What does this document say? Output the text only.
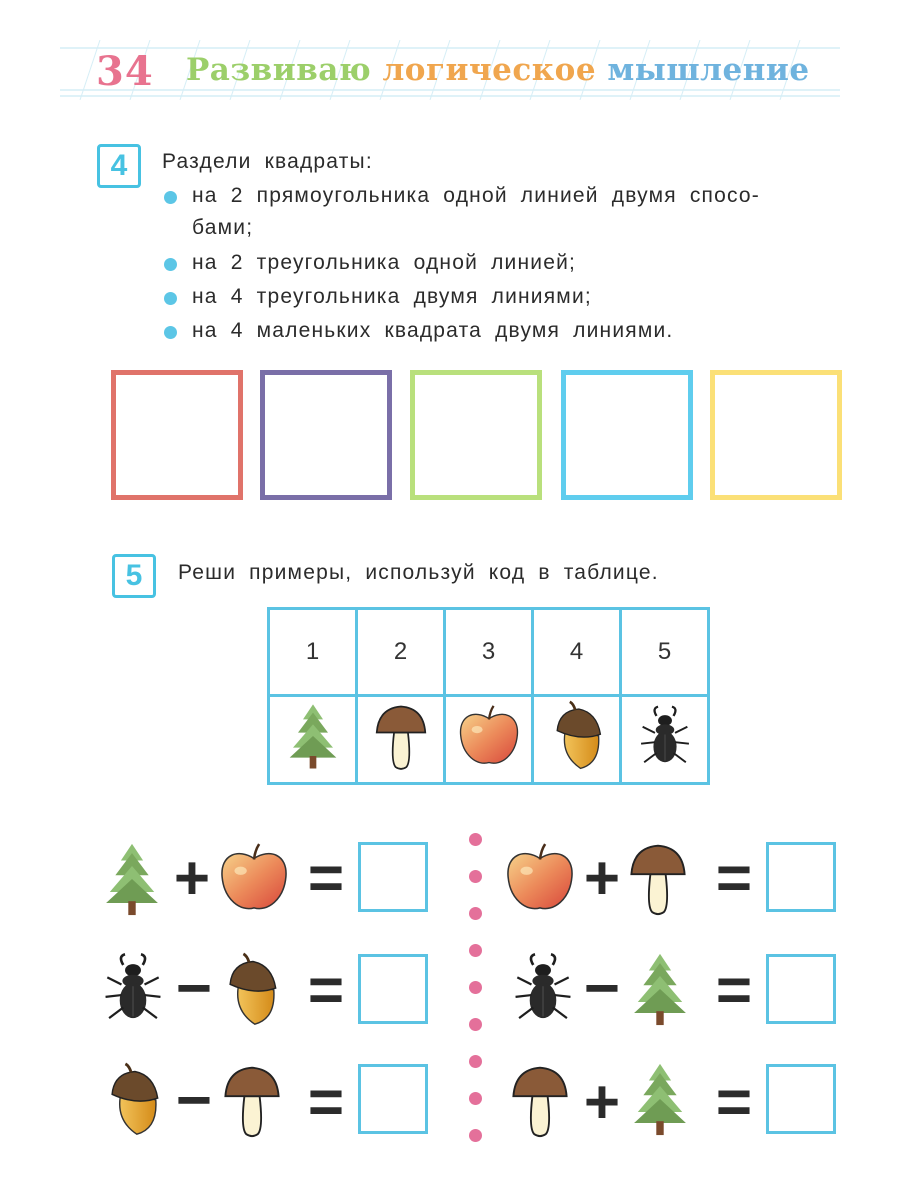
34 Развиваю логическое мышление
4	Раздели квадраты:
на 2 прямоугольника одной линией двумя спосо-
бами;
на 2 треугольника одной линией;
на 4 треугольника двумя линиями;
на 4 маленьких квадрата двумя линиями.
5	Реши примеры, используй код в таблице.
1	2	3	4	5

+ =
− =
− =
+ =
− =
+ =
